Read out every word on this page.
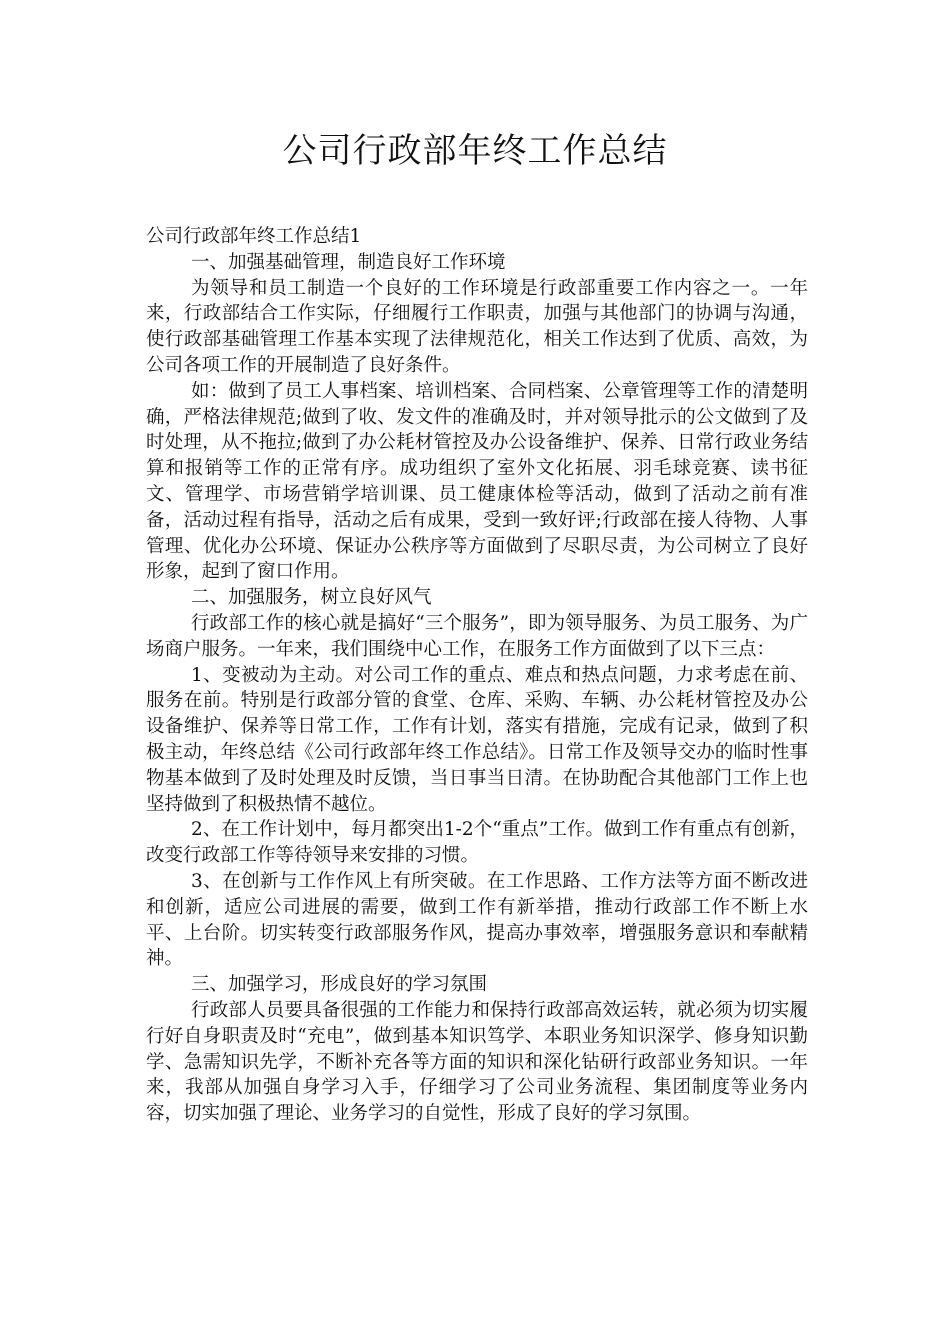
公司行政部年终工作总结

公司行政部年终工作总结1

一、加强基础管理，制造良好工作环境

为领导和员工制造一个良好的工作环境是行政部重要工作内容之一。一年来，行政部结合工作实际，仔细履行工作职责，加强与其他部门的协调与沟通，使行政部基础管理工作基本实现了法律规范化，相关工作达到了优质、高效，为公司各项工作的开展制造了良好条件。

如：做到了员工人事档案、培训档案、合同档案、公章管理等工作的清楚明确，严格法律规范;做到了收、发文件的准确及时，并对领导批示的公文做到了及时处理，从不拖拉;做到了办公耗材管控及办公设备维护、保养、日常行政业务结算和报销等工作的正常有序。成功组织了室外文化拓展、羽毛球竞赛、读书征文、管理学、市场营销学培训课、员工健康体检等活动，做到了活动之前有准备，活动过程有指导，活动之后有成果，受到一致好评;行政部在接人待物、人事管理、优化办公环境、保证办公秩序等方面做到了尽职尽责，为公司树立了良好形象，起到了窗口作用。

二、加强服务，树立良好风气

行政部工作的核心就是搞好“三个服务”，即为领导服务、为员工服务、为广场商户服务。一年来，我们围绕中心工作，在服务工作方面做到了以下三点：

1、变被动为主动。对公司工作的重点、难点和热点问题，力求考虑在前、服务在前。特别是行政部分管的食堂、仓库、采购、车辆、办公耗材管控及办公设备维护、保养等日常工作，工作有计划，落实有措施，完成有记录，做到了积极主动，年终总结《公司行政部年终工作总结》。日常工作及领导交办的临时性事物基本做到了及时处理及时反馈，当日事当日清。在协助配合其他部门工作上也坚持做到了积极热情不越位。

2、在工作计划中，每月都突出1-2个“重点”工作。做到工作有重点有创新，改变行政部工作等待领导来安排的习惯。

3、在创新与工作作风上有所突破。在工作思路、工作方法等方面不断改进和创新，适应公司进展的需要，做到工作有新举措，推动行政部工作不断上水平、上台阶。切实转变行政部服务作风，提高办事效率，增强服务意识和奉献精神。

三、加强学习，形成良好的学习氛围

行政部人员要具备很强的工作能力和保持行政部高效运转，就必须为切实履行好自身职责及时“充电”，做到基本知识笃学、本职业务知识深学、修身知识勤学、急需知识先学，不断补充各等方面的知识和深化钻研行政部业务知识。一年来，我部从加强自身学习入手，仔细学习了公司业务流程、集团制度等业务内容，切实加强了理论、业务学习的自觉性，形成了良好的学习氛围。
